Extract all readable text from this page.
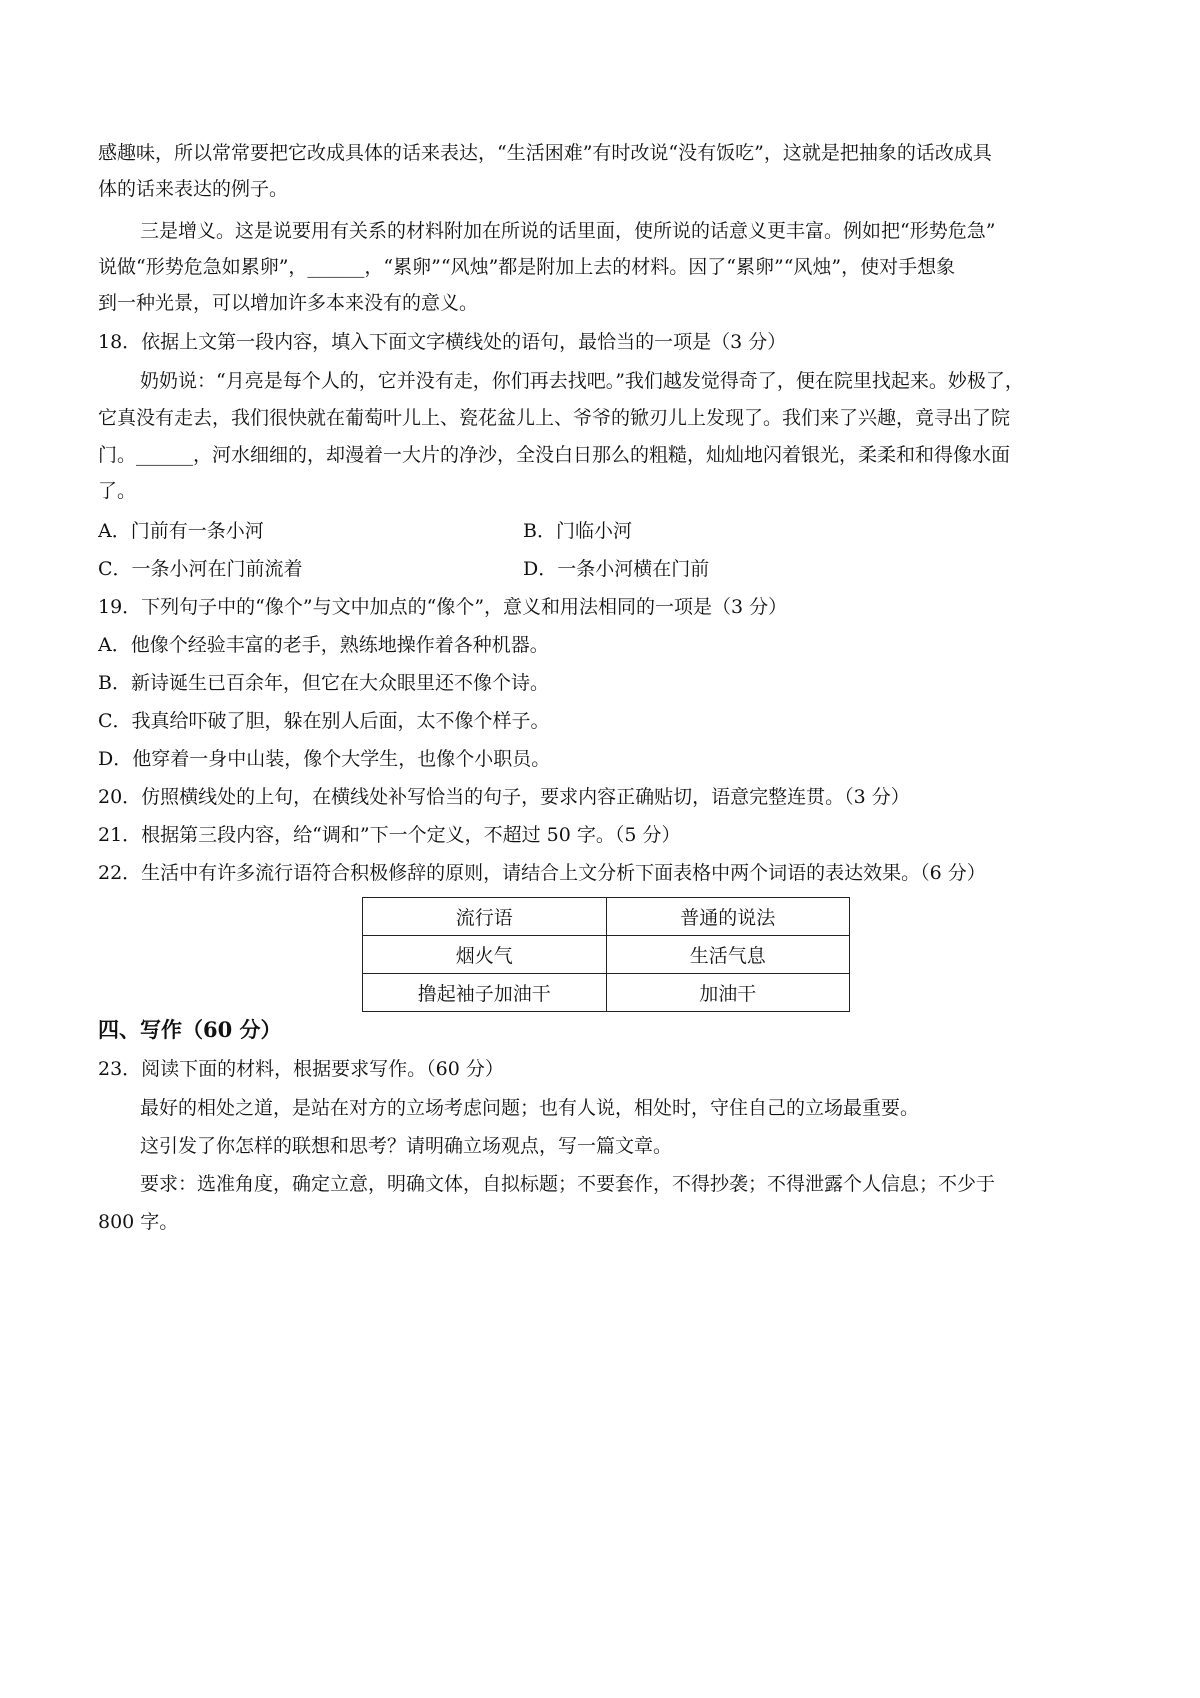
感趣味，所以常常要把它改成具体的话来表达，“生活困难”有时改说“没有饭吃”，这就是把抽象的话改成具
体的话来表达的例子。
三是增义。这是说要用有关系的材料附加在所说的话里面，使所说的话意义更丰富。例如把“形势危急”
说做“形势危急如累卵”，______，“累卵”“风烛”都是附加上去的材料。因了“累卵”“风烛”，使对手想象
到一种光景，可以增加许多本来没有的意义。
18．依据上文第一段内容，填入下面文字横线处的语句，最恰当的一项是（3 分）
奶奶说：“月亮是每个人的，它并没有走，你们再去找吧。”我们越发觉得奇了，便在院里找起来。妙极了，
它真没有走去，我们很快就在葡萄叶儿上、瓷花盆儿上、爷爷的锨刃儿上发现了。我们来了兴趣，竟寻出了院
门。______，河水细细的，却漫着一大片的净沙，全没白日那么的粗糙，灿灿地闪着银光，柔柔和和得像水面
了。
A．门前有一条小河	B．门临小河
C．一条小河在门前流着	D．一条小河横在门前
19．下列句子中的“像个”与文中加点的“像个”，意义和用法相同的一项是（3 分）
A．他像个经验丰富的老手，熟练地操作着各种机器。
B．新诗诞生已百余年，但它在大众眼里还不像个诗。
C．我真给吓破了胆，躲在别人后面，太不像个样子。
D．他穿着一身中山装，像个大学生，也像个小职员。
20．仿照横线处的上句，在横线处补写恰当的句子，要求内容正确贴切，语意完整连贯。（3 分）
21．根据第三段内容，给“调和”下一个定义，不超过 50 字。（5 分）
22．生活中有许多流行语符合积极修辞的原则，请结合上文分析下面表格中两个词语的表达效果。（6 分）
流行语	普通的说法
烟火气	生活气息
撸起袖子加油干	加油干
四、写作（60 分）
23．阅读下面的材料，根据要求写作。（60 分）
最好的相处之道，是站在对方的立场考虑问题；也有人说，相处时，守住自己的立场最重要。
这引发了你怎样的联想和思考？请明确立场观点，写一篇文章。
要求：选准角度，确定立意，明确文体，自拟标题；不要套作，不得抄袭；不得泄露个人信息；不少于
800 字。
